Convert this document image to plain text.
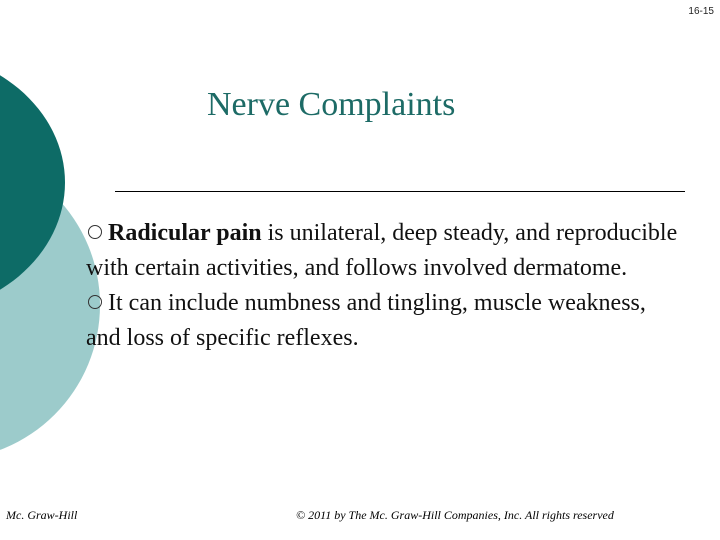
16-15
Nerve Complaints

Radicular pain is unilateral, deep steady, and reproducible with certain activities, and follows involved dermatome.

It can include numbness and tingling, muscle weakness, and loss of specific reflexes.

Mc. Graw-Hill	© 2011 by The Mc. Graw-Hill Companies, Inc. All rights reserved
